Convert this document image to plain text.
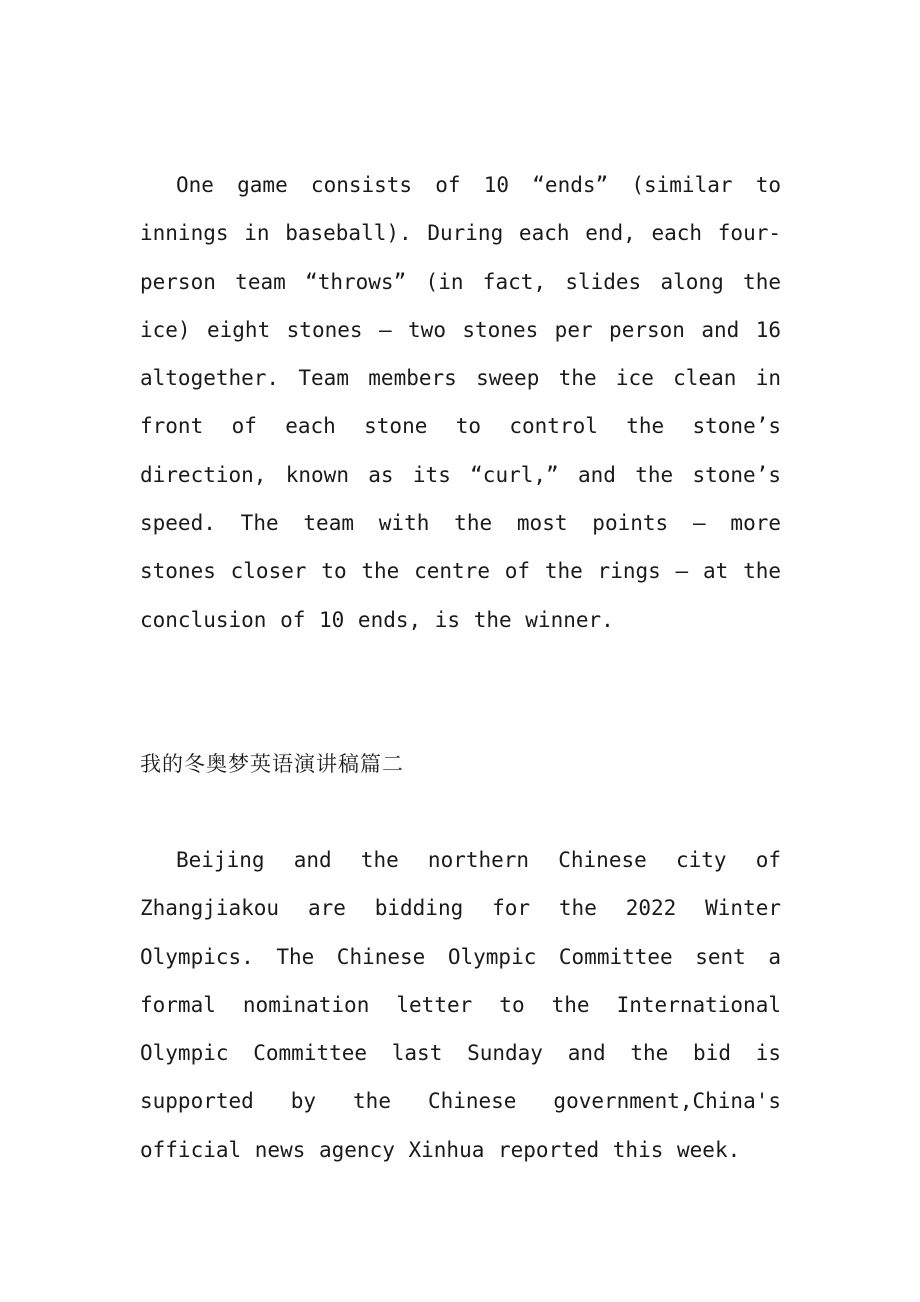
One game consists of 10 “ends” (similar to innings in baseball). During each end, each four-person team “throws” (in fact, slides along the ice) eight stones — two stones per person and 16 altogether. Team members sweep the ice clean in front of each stone to control the stone’s direction, known as its “curl,” and the stone’s speed. The team with the most points — more stones closer to the centre of the rings — at the conclusion of 10 ends, is the winner.

我的冬奥梦英语演讲稿篇二

Beijing and the northern Chinese city of Zhangjiakou are bidding for the 2022 Winter Olympics. The Chinese Olympic Committee sent a formal nomination letter to the International Olympic Committee last Sunday and the bid is supported by the Chinese government,China's official news agency Xinhua reported this week.
